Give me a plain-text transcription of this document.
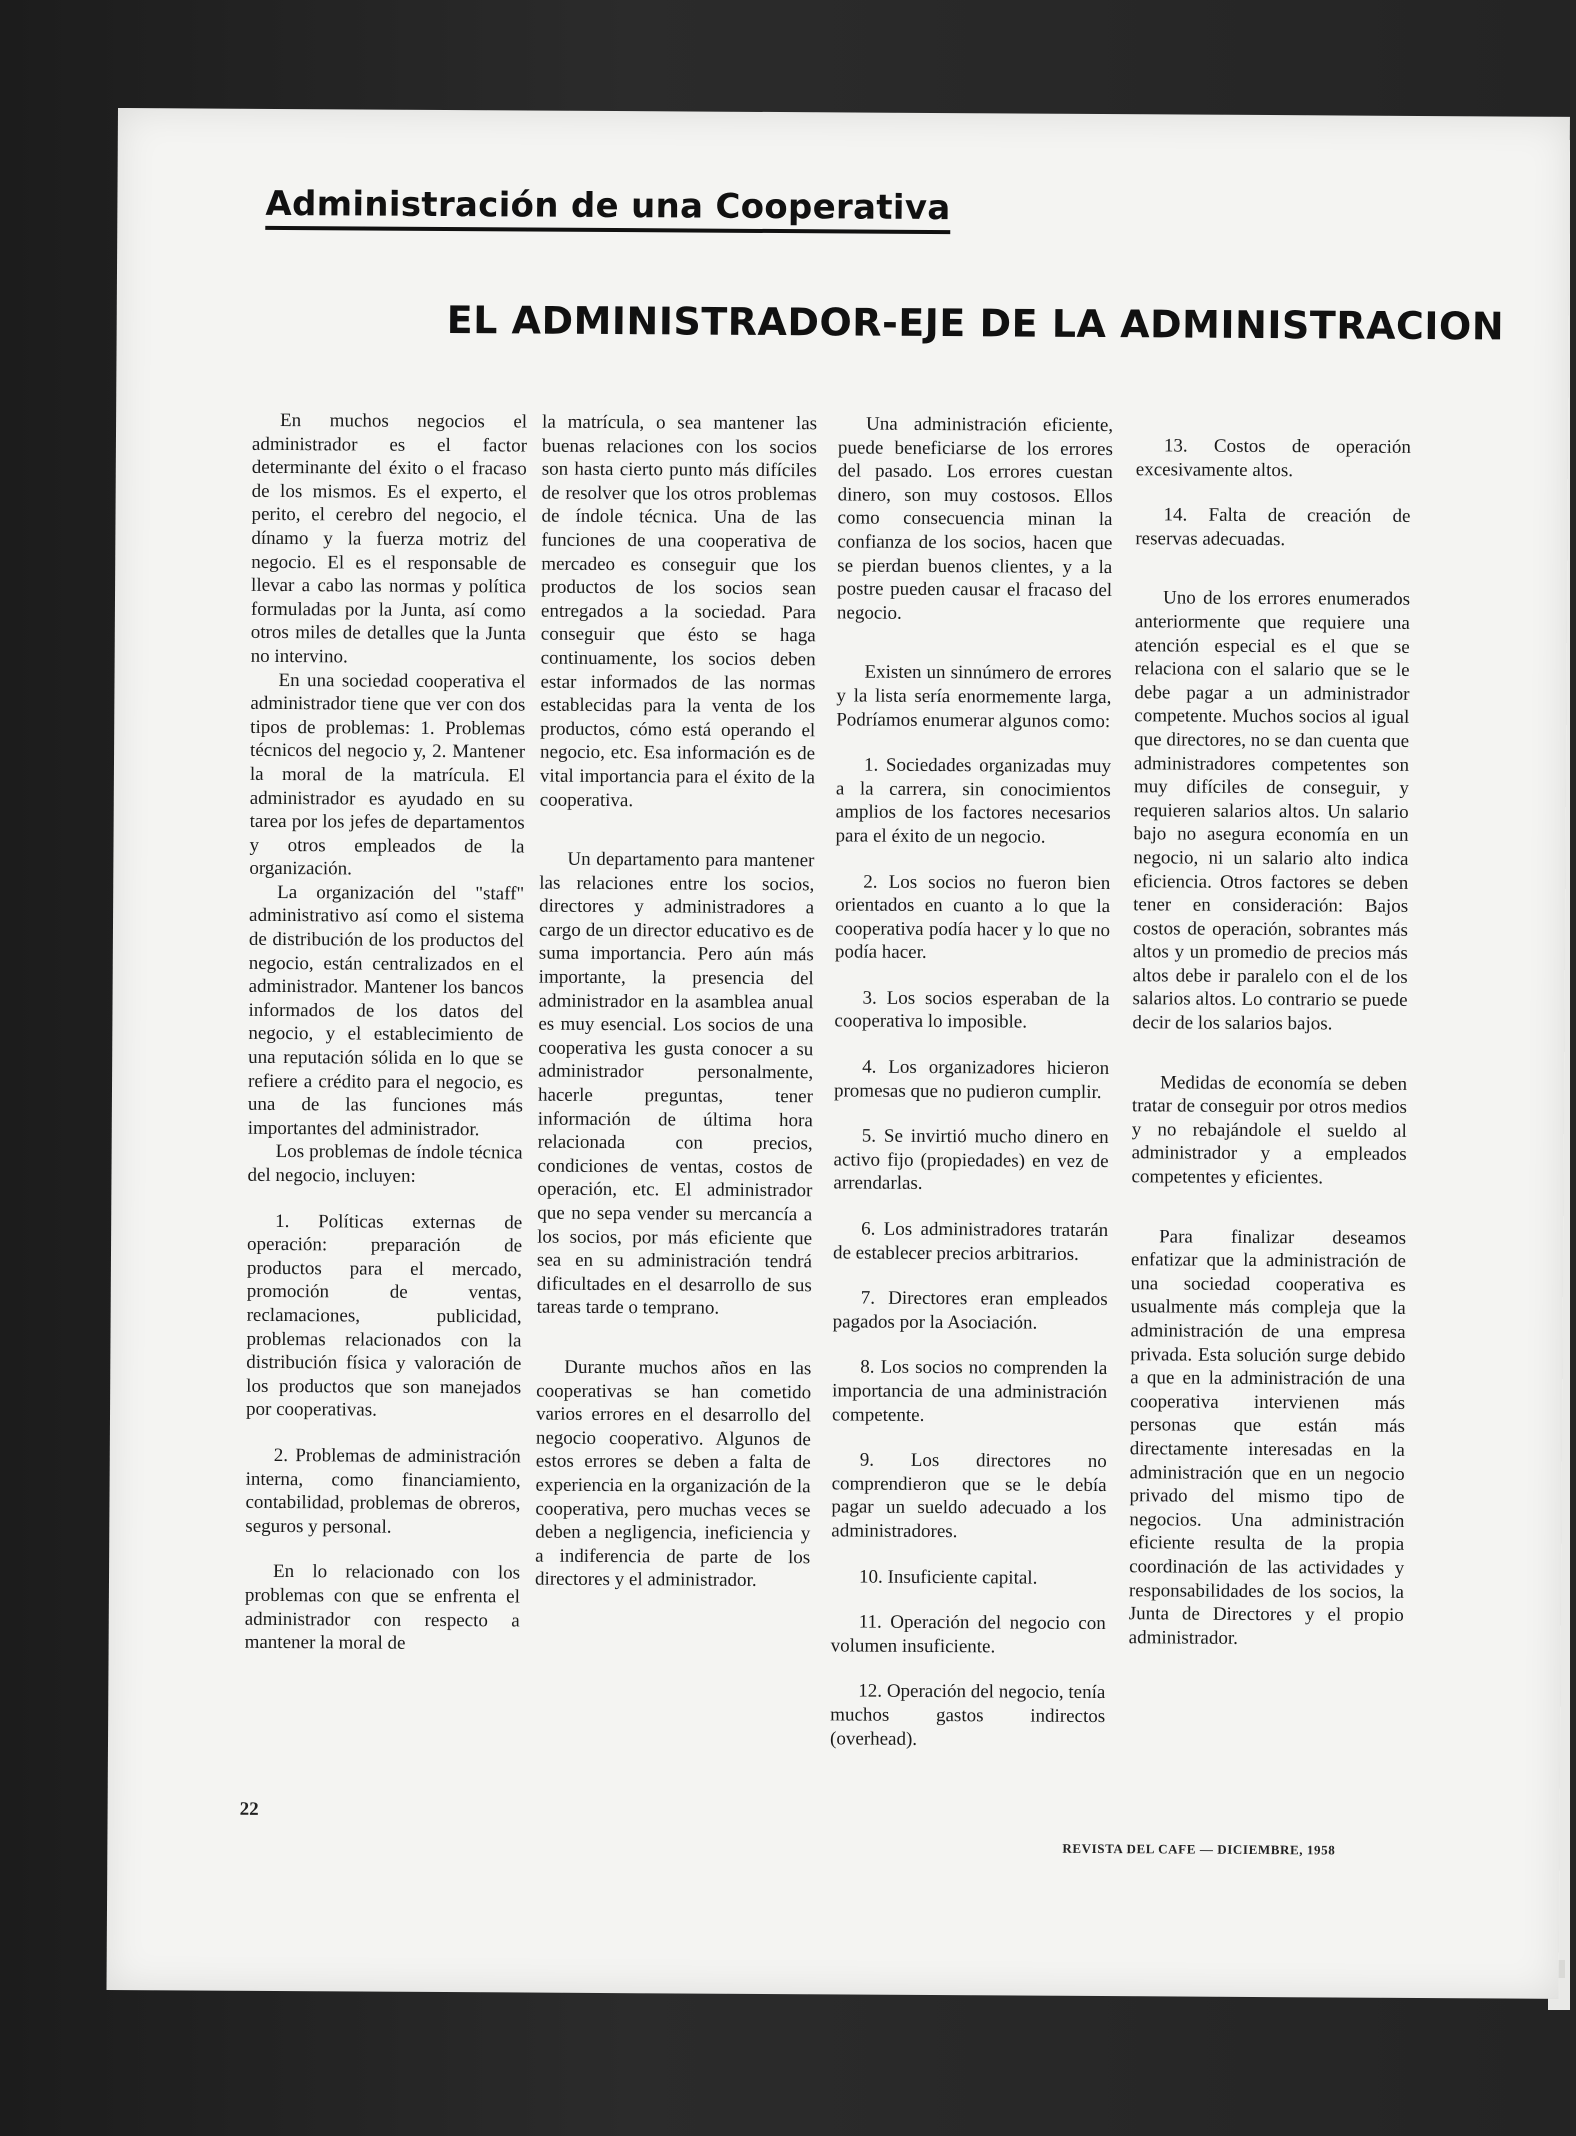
Administración de una Cooperativa
EL ADMINISTRADOR-EJE DE LA ADMINISTRACION

En muchos negocios el administrador es el factor determinante del éxito o el fracaso de los mismos. Es el experto, el perito, el cerebro del negocio, el dínamo y la fuerza motriz del negocio. El es el responsable de llevar a cabo las normas y política formuladas por la Junta, así como otros miles de detalles que la Junta no intervino.

En una sociedad cooperativa el administrador tiene que ver con dos tipos de problemas: 1. Problemas técnicos del negocio y, 2. Mantener la moral de la matrícula. El administrador es ayudado en su tarea por los jefes de departamentos y otros empleados de la organización.

La organización del "staff" administrativo así como el sistema de distribución de los productos del negocio, están centralizados en el administrador. Mantener los bancos informados de los datos del negocio, y el establecimiento de una reputación sólida en lo que se refiere a crédito para el negocio, es una de las funciones más importantes del administrador.

Los problemas de índole técnica del negocio, incluyen:

1. Políticas externas de operación: preparación de productos para el mercado, promoción de ventas, reclamaciones, publicidad, problemas relacionados con la distribución física y valoración de los productos que son manejados por cooperativas.

2. Problemas de administración interna, como financiamiento, contabilidad, problemas de obreros, seguros y personal.

En lo relacionado con los problemas con que se enfrenta el administrador con respecto a mantener la moral de

la matrícula, o sea mantener las buenas relaciones con los socios son hasta cierto punto más difíciles de resolver que los otros problemas de índole técnica. Una de las funciones de una cooperativa de mercadeo es conseguir que los productos de los socios sean entregados a la sociedad. Para conseguir que ésto se haga continuamente, los socios deben estar informados de las normas establecidas para la venta de los productos, cómo está operando el negocio, etc. Esa información es de vital importancia para el éxito de la cooperativa.

Un departamento para mantener las relaciones entre los socios, directores y administradores a cargo de un director educativo es de suma importancia. Pero aún más importante, la presencia del administrador en la asamblea anual es muy esencial. Los socios de una cooperativa les gusta conocer a su administrador personalmente, hacerle preguntas, tener información de última hora relacionada con precios, condiciones de ventas, costos de operación, etc. El administrador que no sepa vender su mercancía a los socios, por más eficiente que sea en su administración tendrá dificultades en el desarrollo de sus tareas tarde o temprano.

Durante muchos años en las cooperativas se han cometido varios errores en el desarrollo del negocio cooperativo. Algunos de estos errores se deben a falta de experiencia en la organización de la cooperativa, pero muchas veces se deben a negligencia, ineficiencia y a indiferencia de parte de los directores y el administrador.

Una administración eficiente, puede beneficiarse de los errores del pasado. Los errores cuestan dinero, son muy costosos. Ellos como consecuencia minan la confianza de los socios, hacen que se pierdan buenos clientes, y a la postre pueden causar el fracaso del negocio.

Existen un sinnúmero de errores y la lista sería enormemente larga, Podríamos enumerar algunos como:

1. Sociedades organizadas muy a la carrera, sin conocimientos amplios de los factores necesarios para el éxito de un negocio.

2. Los socios no fueron bien orientados en cuanto a lo que la cooperativa podía hacer y lo que no podía hacer.

3. Los socios esperaban de la cooperativa lo imposible.

4. Los organizadores hicieron promesas que no pudieron cumplir.

5. Se invirtió mucho dinero en activo fijo (propiedades) en vez de arrendarlas.

6. Los administradores tratarán de establecer precios arbitrarios.

7. Directores eran empleados pagados por la Asociación.

8. Los socios no comprenden la importancia de una administración competente.

9. Los directores no comprendieron que se le debía pagar un sueldo adecuado a los administradores.

10. Insuficiente capital.

11. Operación del negocio con volumen insuficiente.

12. Operación del negocio, tenía muchos gastos indirectos (overhead).

13. Costos de operación excesivamente altos.

14. Falta de creación de reservas adecuadas.

Uno de los errores enumerados anteriormente que requiere una atención especial es el que se relaciona con el salario que se le debe pagar a un administrador competente. Muchos socios al igual que directores, no se dan cuenta que administradores competentes son muy difíciles de conseguir, y requieren salarios altos. Un salario bajo no asegura economía en un negocio, ni un salario alto indica eficiencia. Otros factores se deben tener en consideración: Bajos costos de operación, sobrantes más altos y un promedio de precios más altos debe ir paralelo con el de los salarios altos. Lo contrario se puede decir de los salarios bajos.

Medidas de economía se deben tratar de conseguir por otros medios y no rebajándole el sueldo al administrador y a empleados competentes y eficientes.

Para finalizar deseamos enfatizar que la administración de una sociedad cooperativa es usualmente más compleja que la administración de una empresa privada. Esta solución surge debido a que en la administración de una cooperativa intervienen más personas que están más directamente interesadas en la administración que en un negocio privado del mismo tipo de negocios. Una administración eficiente resulta de la propia coordinación de las actividades y responsabilidades de los socios, la Junta de Directores y el propio administrador.

22
REVISTA DEL CAFE — DICIEMBRE, 1958
